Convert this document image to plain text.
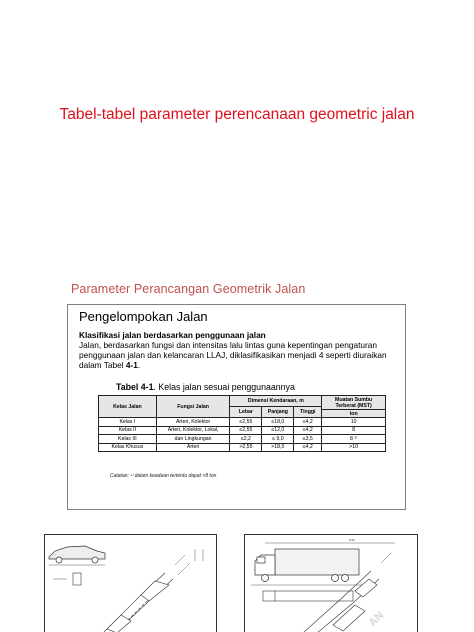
Tabel-tabel parameter perencanaan geometric jalan
Parameter Perancangan Geometrik Jalan
Pengelompokan Jalan
Klasifikasi jalan berdasarkan penggunaan jalan
Jalan, berdasarkan fungsi dan intensitas lalu lintas guna kepentingan pengaturan penggunaan jalan dan kelancaran LLAJ, diklasifikasikan menjadi 4 seperti diuraikan dalam Tabel 4-1.
Tabel 4-1. Kelas jalan sesuai penggunaannya
Kelas Jalan	Fungsi Jalan	Dimensi Kendaraan, m			Muatan Sumbu Terberat (MST)
		Lebar	Panjang	Tinggi	
					ton
Kelas I	Arteri, Kolektor	≤2,55	≤18,0	≤4,2	10
Kelas II	Arteri, Kolektor, Lokal,	≤2,55	≤12,0	≤4,2	8
Kelas III	dan Lingkungan	≤2,2	≤ 9,0	≤3,5	8 ¹⁾
Kelas Khusus	Arteri	>2,55	>18,0	≤4,2	>10
Catatan: ¹⁾ dalam keadaan tertentu dapat <8 ton
0,60
AN
